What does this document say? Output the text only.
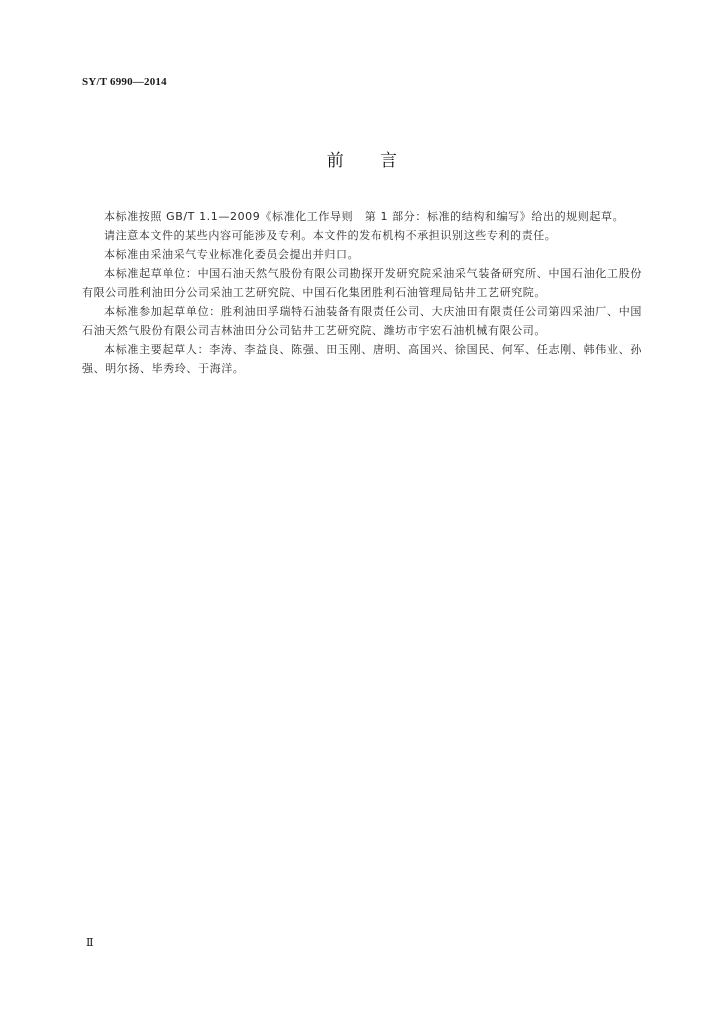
SY/T 6990—2014
前 言

本标准按照 GB/T 1.1—2009《标准化工作导则　第 1 部分：标准的结构和编写》给出的规则起草。

请注意本文件的某些内容可能涉及专利。本文件的发布机构不承担识别这些专利的责任。

本标准由采油采气专业标准化委员会提出并归口。

本标准起草单位：中国石油天然气股份有限公司勘探开发研究院采油采气装备研究所、中国石油化工股份有限公司胜利油田分公司采油工艺研究院、中国石化集团胜利石油管理局钻井工艺研究院。

本标准参加起草单位：胜利油田孚瑞特石油装备有限责任公司、大庆油田有限责任公司第四采油厂、中国石油天然气股份有限公司吉林油田分公司钻井工艺研究院、潍坊市宇宏石油机械有限公司。

本标准主要起草人：李涛、李益良、陈强、田玉刚、唐明、高国兴、徐国民、何军、任志刚、韩伟业、孙强、明尔扬、毕秀玲、于海洋。

Ⅱ
